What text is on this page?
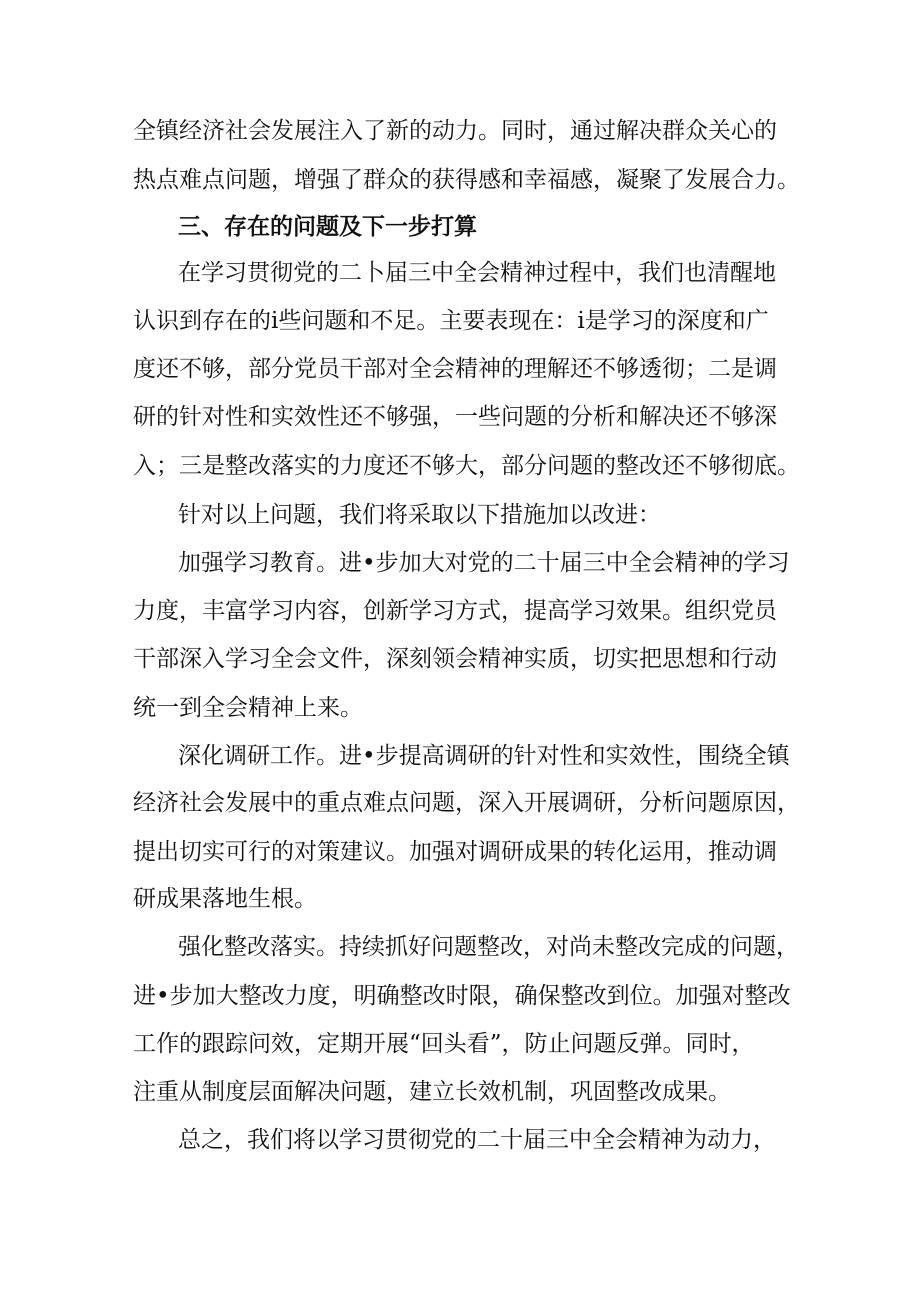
全镇经济社会发展注入了新的动力。同时，通过解决群众关心的
热点难点问题，增强了群众的获得感和幸福感，凝聚了发展合力。
三、存在的问题及下一步打算
在学习贯彻党的二卜届三中全会精神过程中，我们也清醒地
认识到存在的i些问题和不足。主要表现在：i是学习的深度和广
度还不够，部分党员干部对全会精神的理解还不够透彻；二是调
研的针对性和实效性还不够强，一些问题的分析和解决还不够深
入；三是整改落实的力度还不够大，部分问题的整改还不够彻底。
针对以上问题，我们将采取以下措施加以改进：
加强学习教育。进•步加大对党的二十届三中全会精神的学习
力度，丰富学习内容，创新学习方式，提高学习效果。组织党员
干部深入学习全会文件，深刻领会精神实质，切实把思想和行动
统一到全会精神上来。
深化调研工作。进•步提高调研的针对性和实效性，围绕全镇
经济社会发展中的重点难点问题，深入开展调研，分析问题原因，
提出切实可行的对策建议。加强对调研成果的转化运用，推动调
研成果落地生根。
强化整改落实。持续抓好问题整改，对尚未整改完成的问题，
进•步加大整改力度，明确整改时限，确保整改到位。加强对整改
工作的跟踪问效，定期开展“回头看”，防止问题反弹。同时，
注重从制度层面解决问题，建立长效机制，巩固整改成果。
总之，我们将以学习贯彻党的二十届三中全会精神为动力，
